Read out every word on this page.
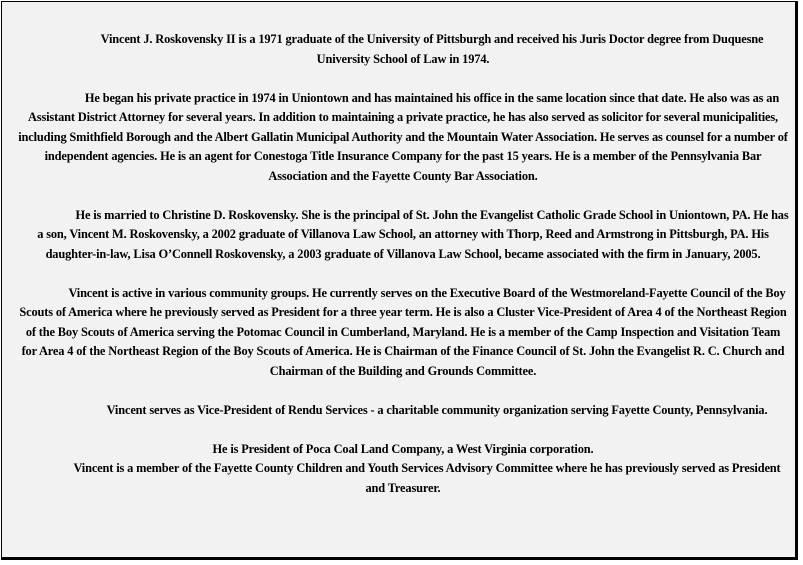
Vincent J. Roskovensky II is a 1971 graduate of the University of Pittsburgh and received his Juris Doctor degree from Duquesne University School of Law in 1974.

He began his private practice in 1974 in Uniontown and has maintained his office in the same location since that date. He also was as an Assistant District Attorney for several years. In addition to maintaining a private practice, he has also served as solicitor for several municipalities, including Smithfield Borough and the Albert Gallatin Municipal Authority and the Mountain Water Association. He serves as counsel for a number of independent agencies. He is an agent for Conestoga Title Insurance Company for the past 15 years. He is a member of the Pennsylvania Bar Association and the Fayette County Bar Association.

He is married to Christine D. Roskovensky. She is the principal of St. John the Evangelist Catholic Grade School in Uniontown, PA. He has a son, Vincent M. Roskovensky, a 2002 graduate of Villanova Law School, an attorney with Thorp, Reed and Armstrong in Pittsburgh, PA. His daughter-in-law, Lisa O’Connell Roskovensky, a 2003 graduate of Villanova Law School, became associated with the firm in January, 2005.

Vincent is active in various community groups. He currently serves on the Executive Board of the Westmoreland-Fayette Council of the Boy Scouts of America where he previously served as President for a three year term. He is also a Cluster Vice-President of Area 4 of the Northeast Region of the Boy Scouts of America serving the Potomac Council in Cumberland, Maryland. He is a member of the Camp Inspection and Visitation Team for Area 4 of the Northeast Region of the Boy Scouts of America. He is Chairman of the Finance Council of St. John the Evangelist R. C. Church and Chairman of the Building and Grounds Committee.

Vincent serves as Vice-President of Rendu Services - a charitable community organization serving Fayette County, Pennsylvania.

He is President of Poca Coal Land Company, a West Virginia corporation.

Vincent is a member of the Fayette County Children and Youth Services Advisory Committee where he has previously served as President and Treasurer.
